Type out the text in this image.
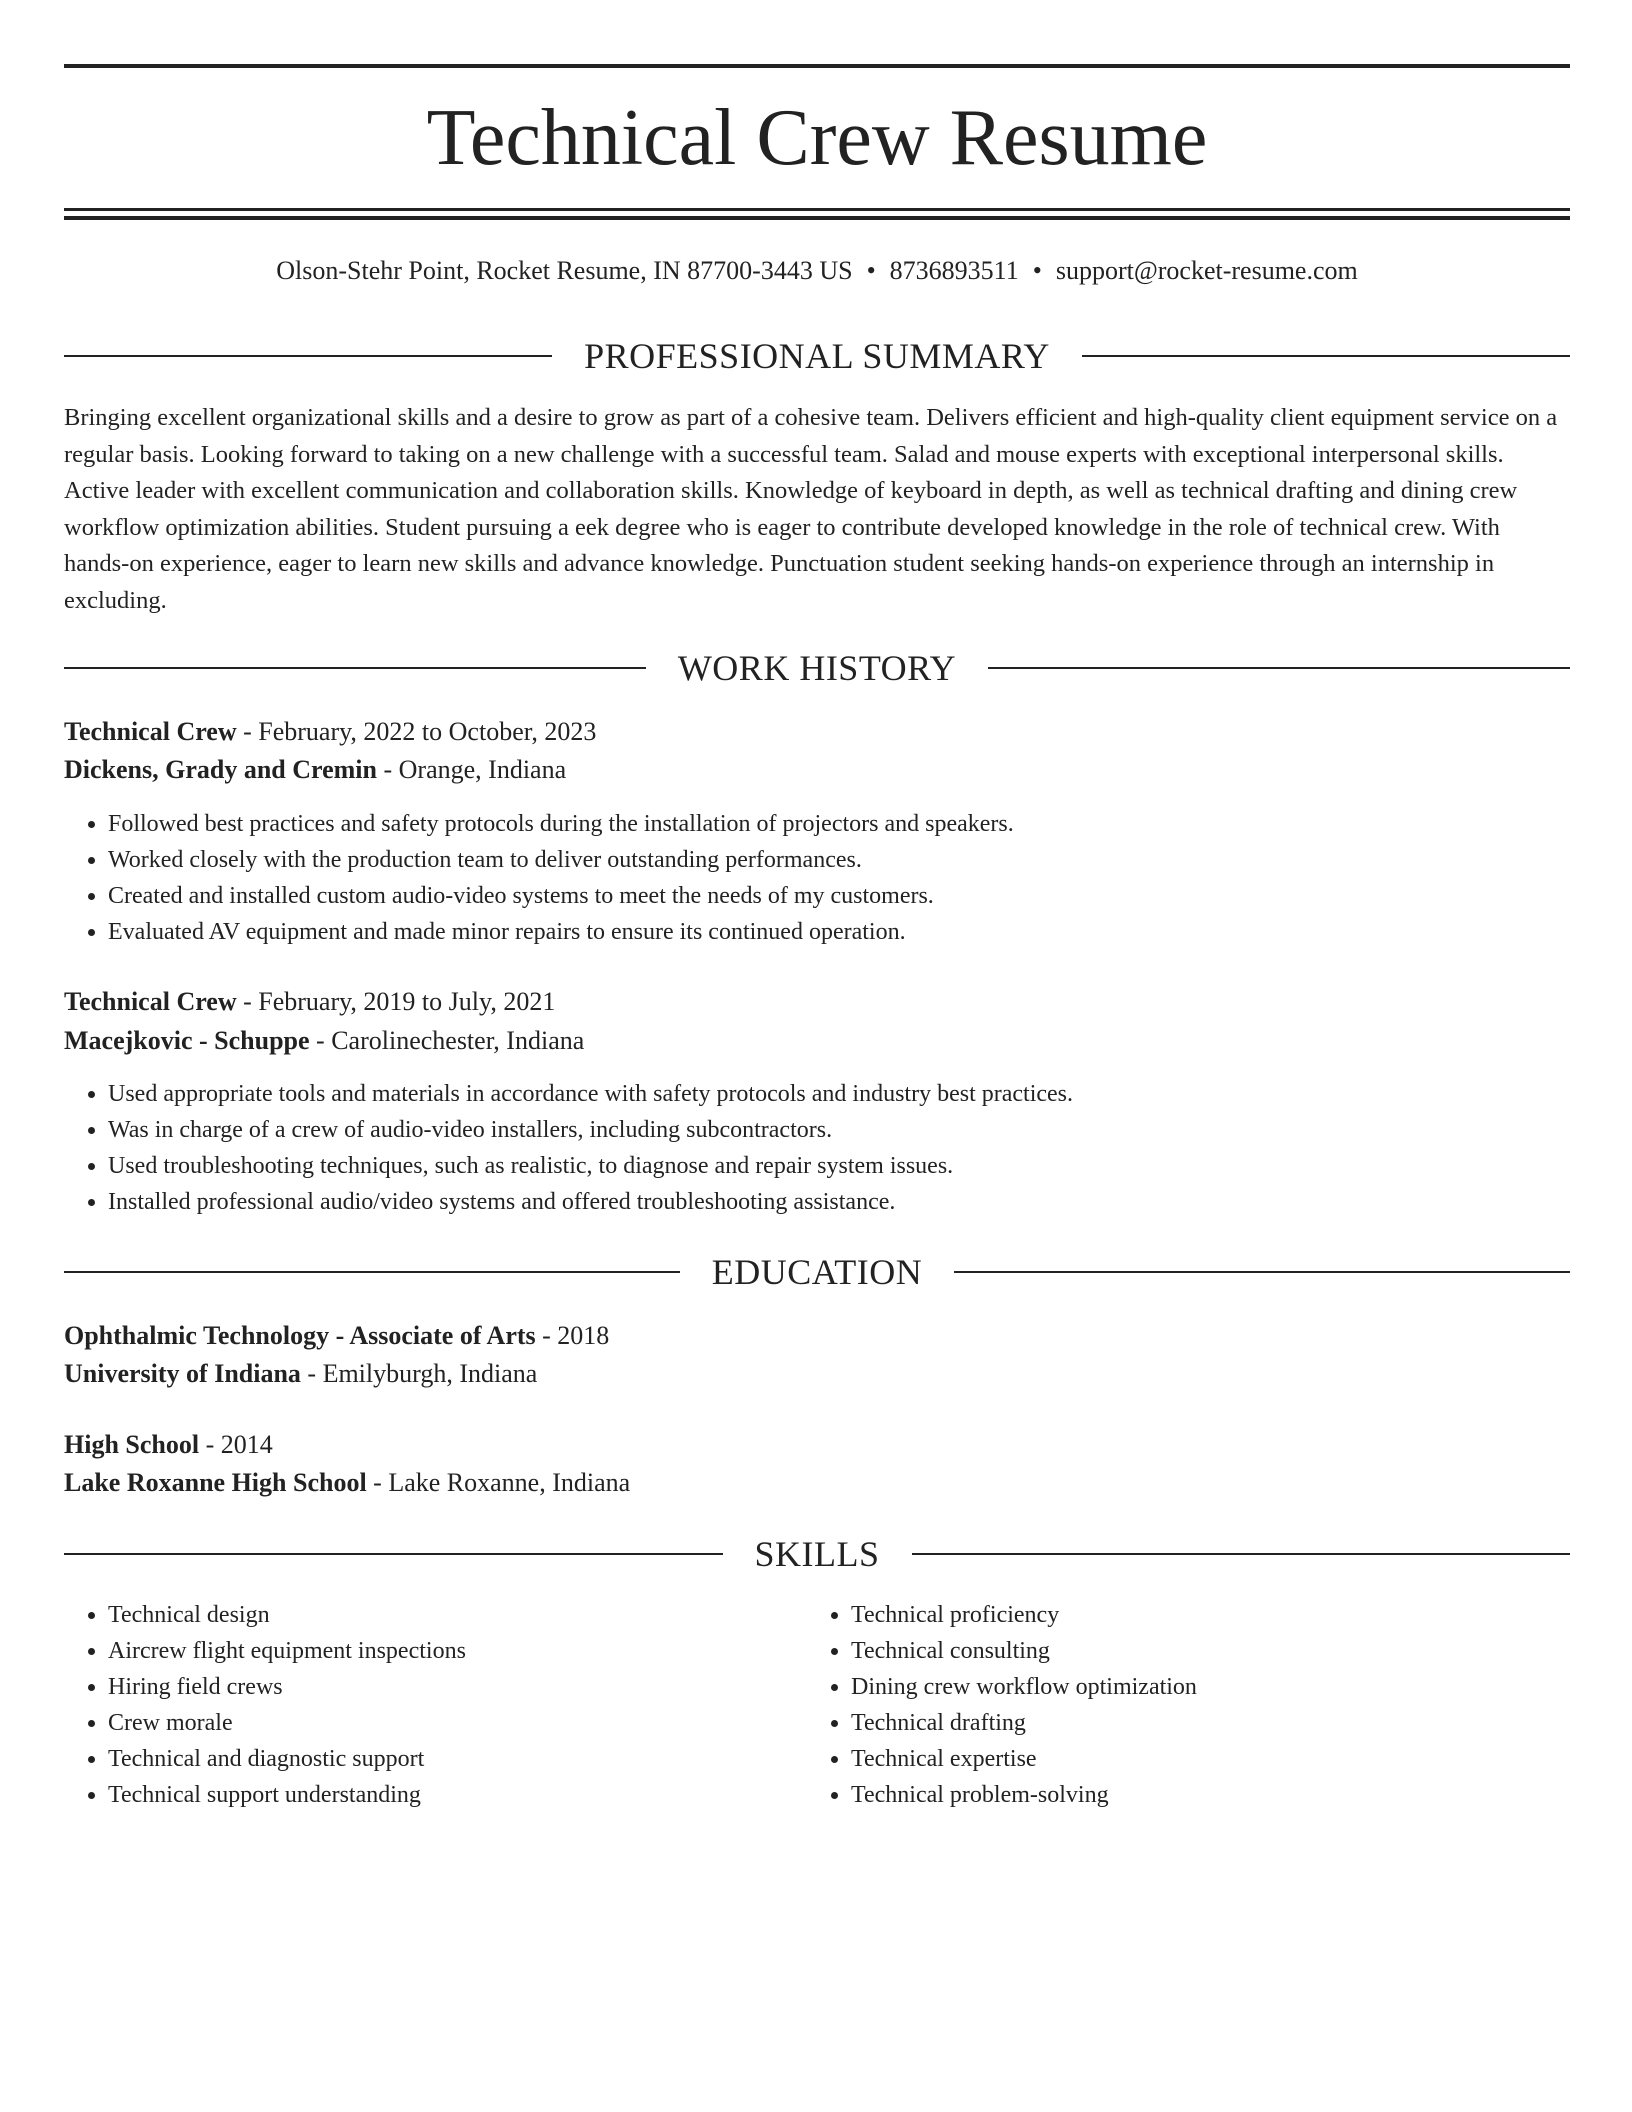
Technical Crew Resume
Olson-Stehr Point, Rocket Resume, IN 87700-3443 US • 8736893511 • support@rocket-resume.com
PROFESSIONAL SUMMARY

Bringing excellent organizational skills and a desire to grow as part of a cohesive team. Delivers efficient and high-quality client equipment service on a regular basis. Looking forward to taking on a new challenge with a successful team. Salad and mouse experts with exceptional interpersonal skills. Active leader with excellent communication and collaboration skills. Knowledge of keyboard in depth, as well as technical drafting and dining crew workflow optimization abilities. Student pursuing a eek degree who is eager to contribute developed knowledge in the role of technical crew. With hands-on experience, eager to learn new skills and advance knowledge. Punctuation student seeking hands-on experience through an internship in excluding.

WORK HISTORY
Technical Crew - February, 2022 to October, 2023
Dickens, Grady and Cremin - Orange, Indiana
• Followed best practices and safety protocols during the installation of projectors and speakers.
• Worked closely with the production team to deliver outstanding performances.
• Created and installed custom audio-video systems to meet the needs of my customers.
• Evaluated AV equipment and made minor repairs to ensure its continued operation.
Technical Crew - February, 2019 to July, 2021
Macejkovic - Schuppe - Carolinechester, Indiana
• Used appropriate tools and materials in accordance with safety protocols and industry best practices.
• Was in charge of a crew of audio-video installers, including subcontractors.
• Used troubleshooting techniques, such as realistic, to diagnose and repair system issues.
• Installed professional audio/video systems and offered troubleshooting assistance.
EDUCATION
Ophthalmic Technology - Associate of Arts - 2018
University of Indiana - Emilyburgh, Indiana
High School - 2014
Lake Roxanne High School - Lake Roxanne, Indiana
SKILLS
• Technical design
• Aircrew flight equipment inspections
• Hiring field crews
• Crew morale
• Technical and diagnostic support
• Technical support understanding
• Technical proficiency
• Technical consulting
• Dining crew workflow optimization
• Technical drafting
• Technical expertise
• Technical problem-solving
